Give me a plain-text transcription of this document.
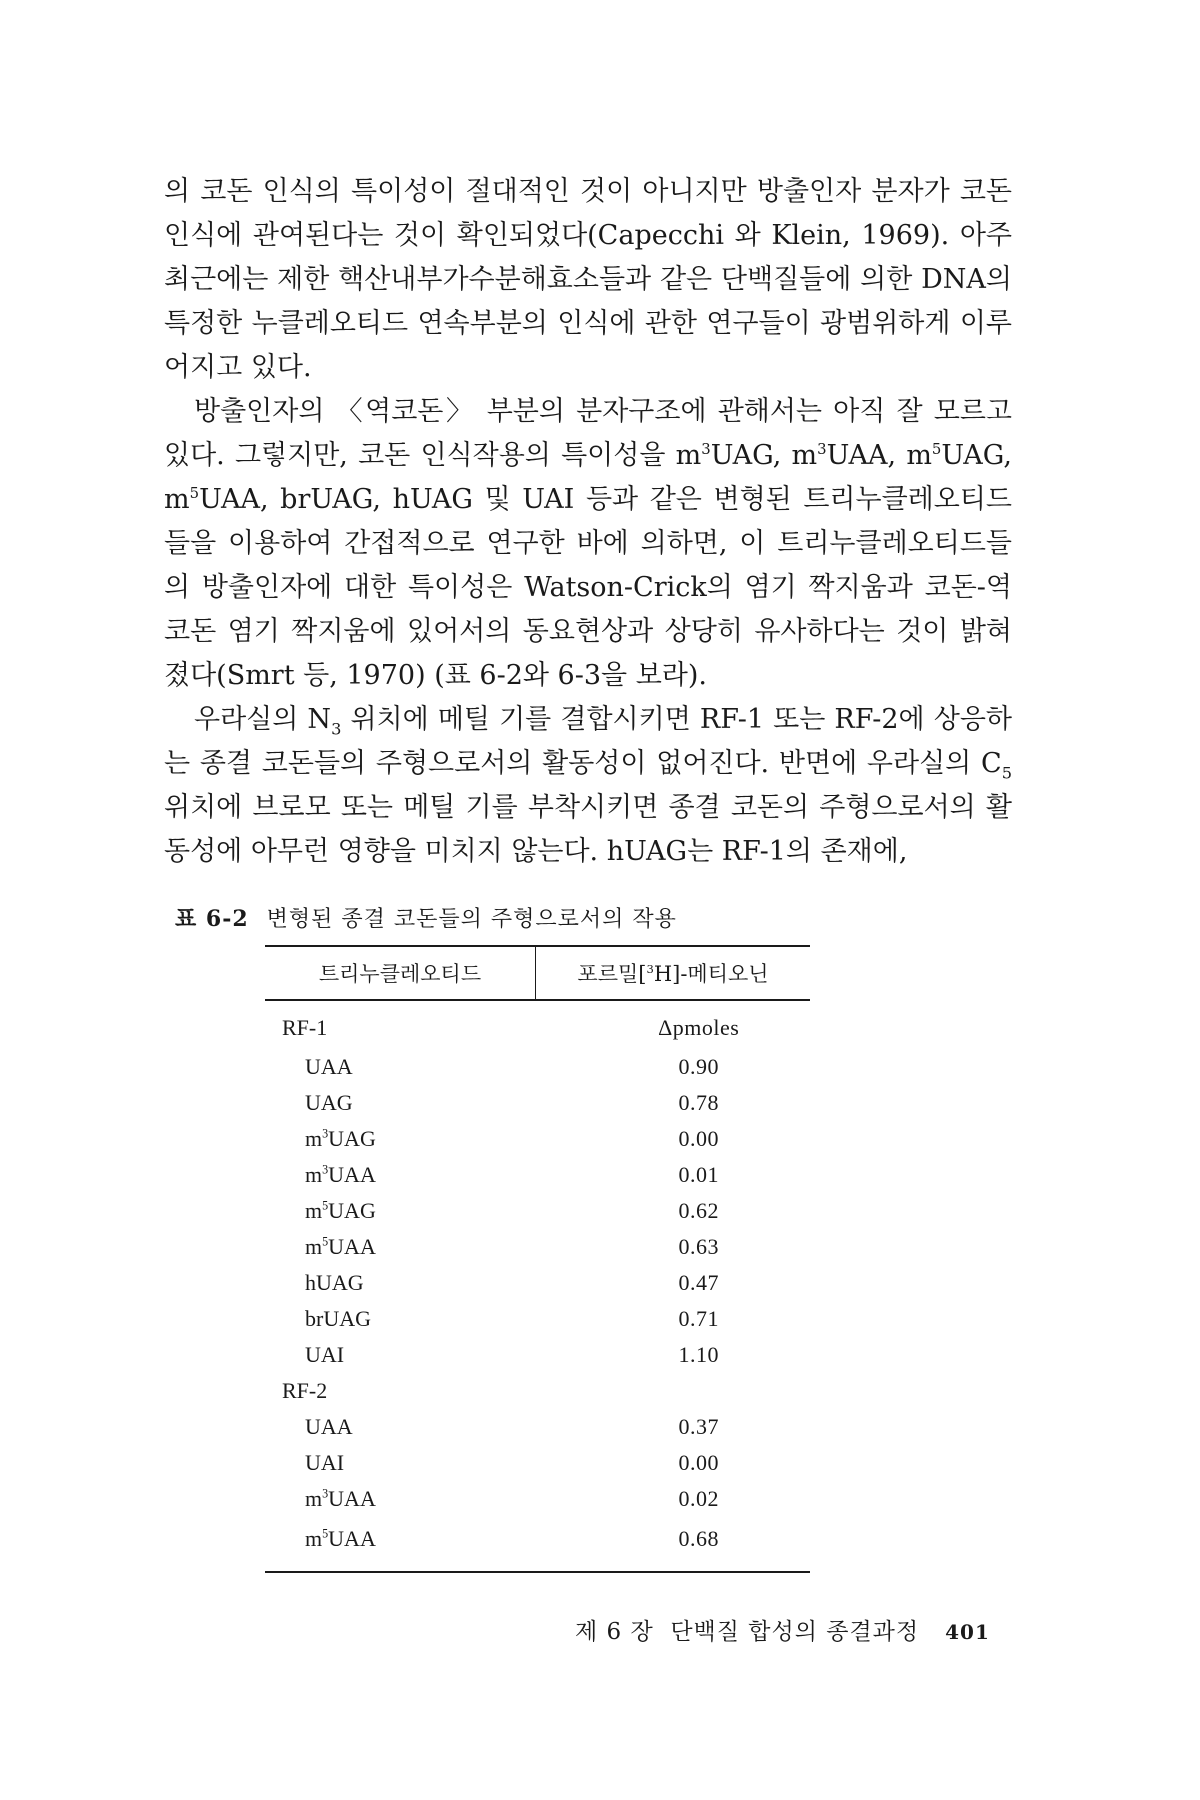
의 코돈 인식의 특이성이 절대적인 것이 아니지만 방출인자 분자가 코돈 인식에 관여된다는 것이 확인되었다(Capecchi 와 Klein, 1969). 아주 최근에는 제한 핵산내부가수분해효소들과 같은 단백질들에 의한 DNA의 특정한 누클레오티드 연속부분의 인식에 관한 연구들이 광범위하게 이루어지고 있다.

방출인자의 〈역코돈〉 부분의 분자구조에 관해서는 아직 잘 모르고 있다. 그렇지만, 코돈 인식작용의 특이성을 $m^3UAG$, $m^3UAA$, $m^5UAG$, $m^5UAA$, brUAG, hUAG 및 UAI 등과 같은 변형된 트리누클레오티드들을 이용하여 간접적으로 연구한 바에 의하면, 이 트리누클레오티드들의 방출인자에 대한 특이성은 Watson-Crick의 염기 짝지움과 코돈-역코돈 염기 짝지움에 있어서의 동요현상과 상당히 유사하다는 것이 밝혀졌다(Smrt 등, 1970) (표 6-2와 6-3을 보라).

우라실의 $N_3$ 위치에 메틸 기를 결합시키면 RF-1 또는 RF-2에 상응하는 종결 코돈들의 주형으로서의 활동성이 없어진다. 반면에 우라실의 $C_5$ 위치에 브로모 또는 메틸 기를 부착시키면 종결 코돈의 주형으로서의 활동성에 아무런 영향을 미치지 않는다. hUAG는 RF-1의 존재에,

표 6-2 변형된 종결 코돈들의 주형으로서의 작용
트리누클레오티드	포르밀[$^3$H]-메티오닌
RF-1	Δpmoles
UAA	0.90
UAG	0.78
$m^3UAG$	0.00
$m^3UAA$	0.01
$m^5UAG$	0.62
$m^5UAA$	0.63
hUAG	0.47
brUAG	0.71
UAI	1.10
RF-2	
UAA	0.37
UAI	0.00
$m^3UAA$	0.02
$m^5UAA$	0.68
제 6 장  단백질 합성의 종결과정 401
